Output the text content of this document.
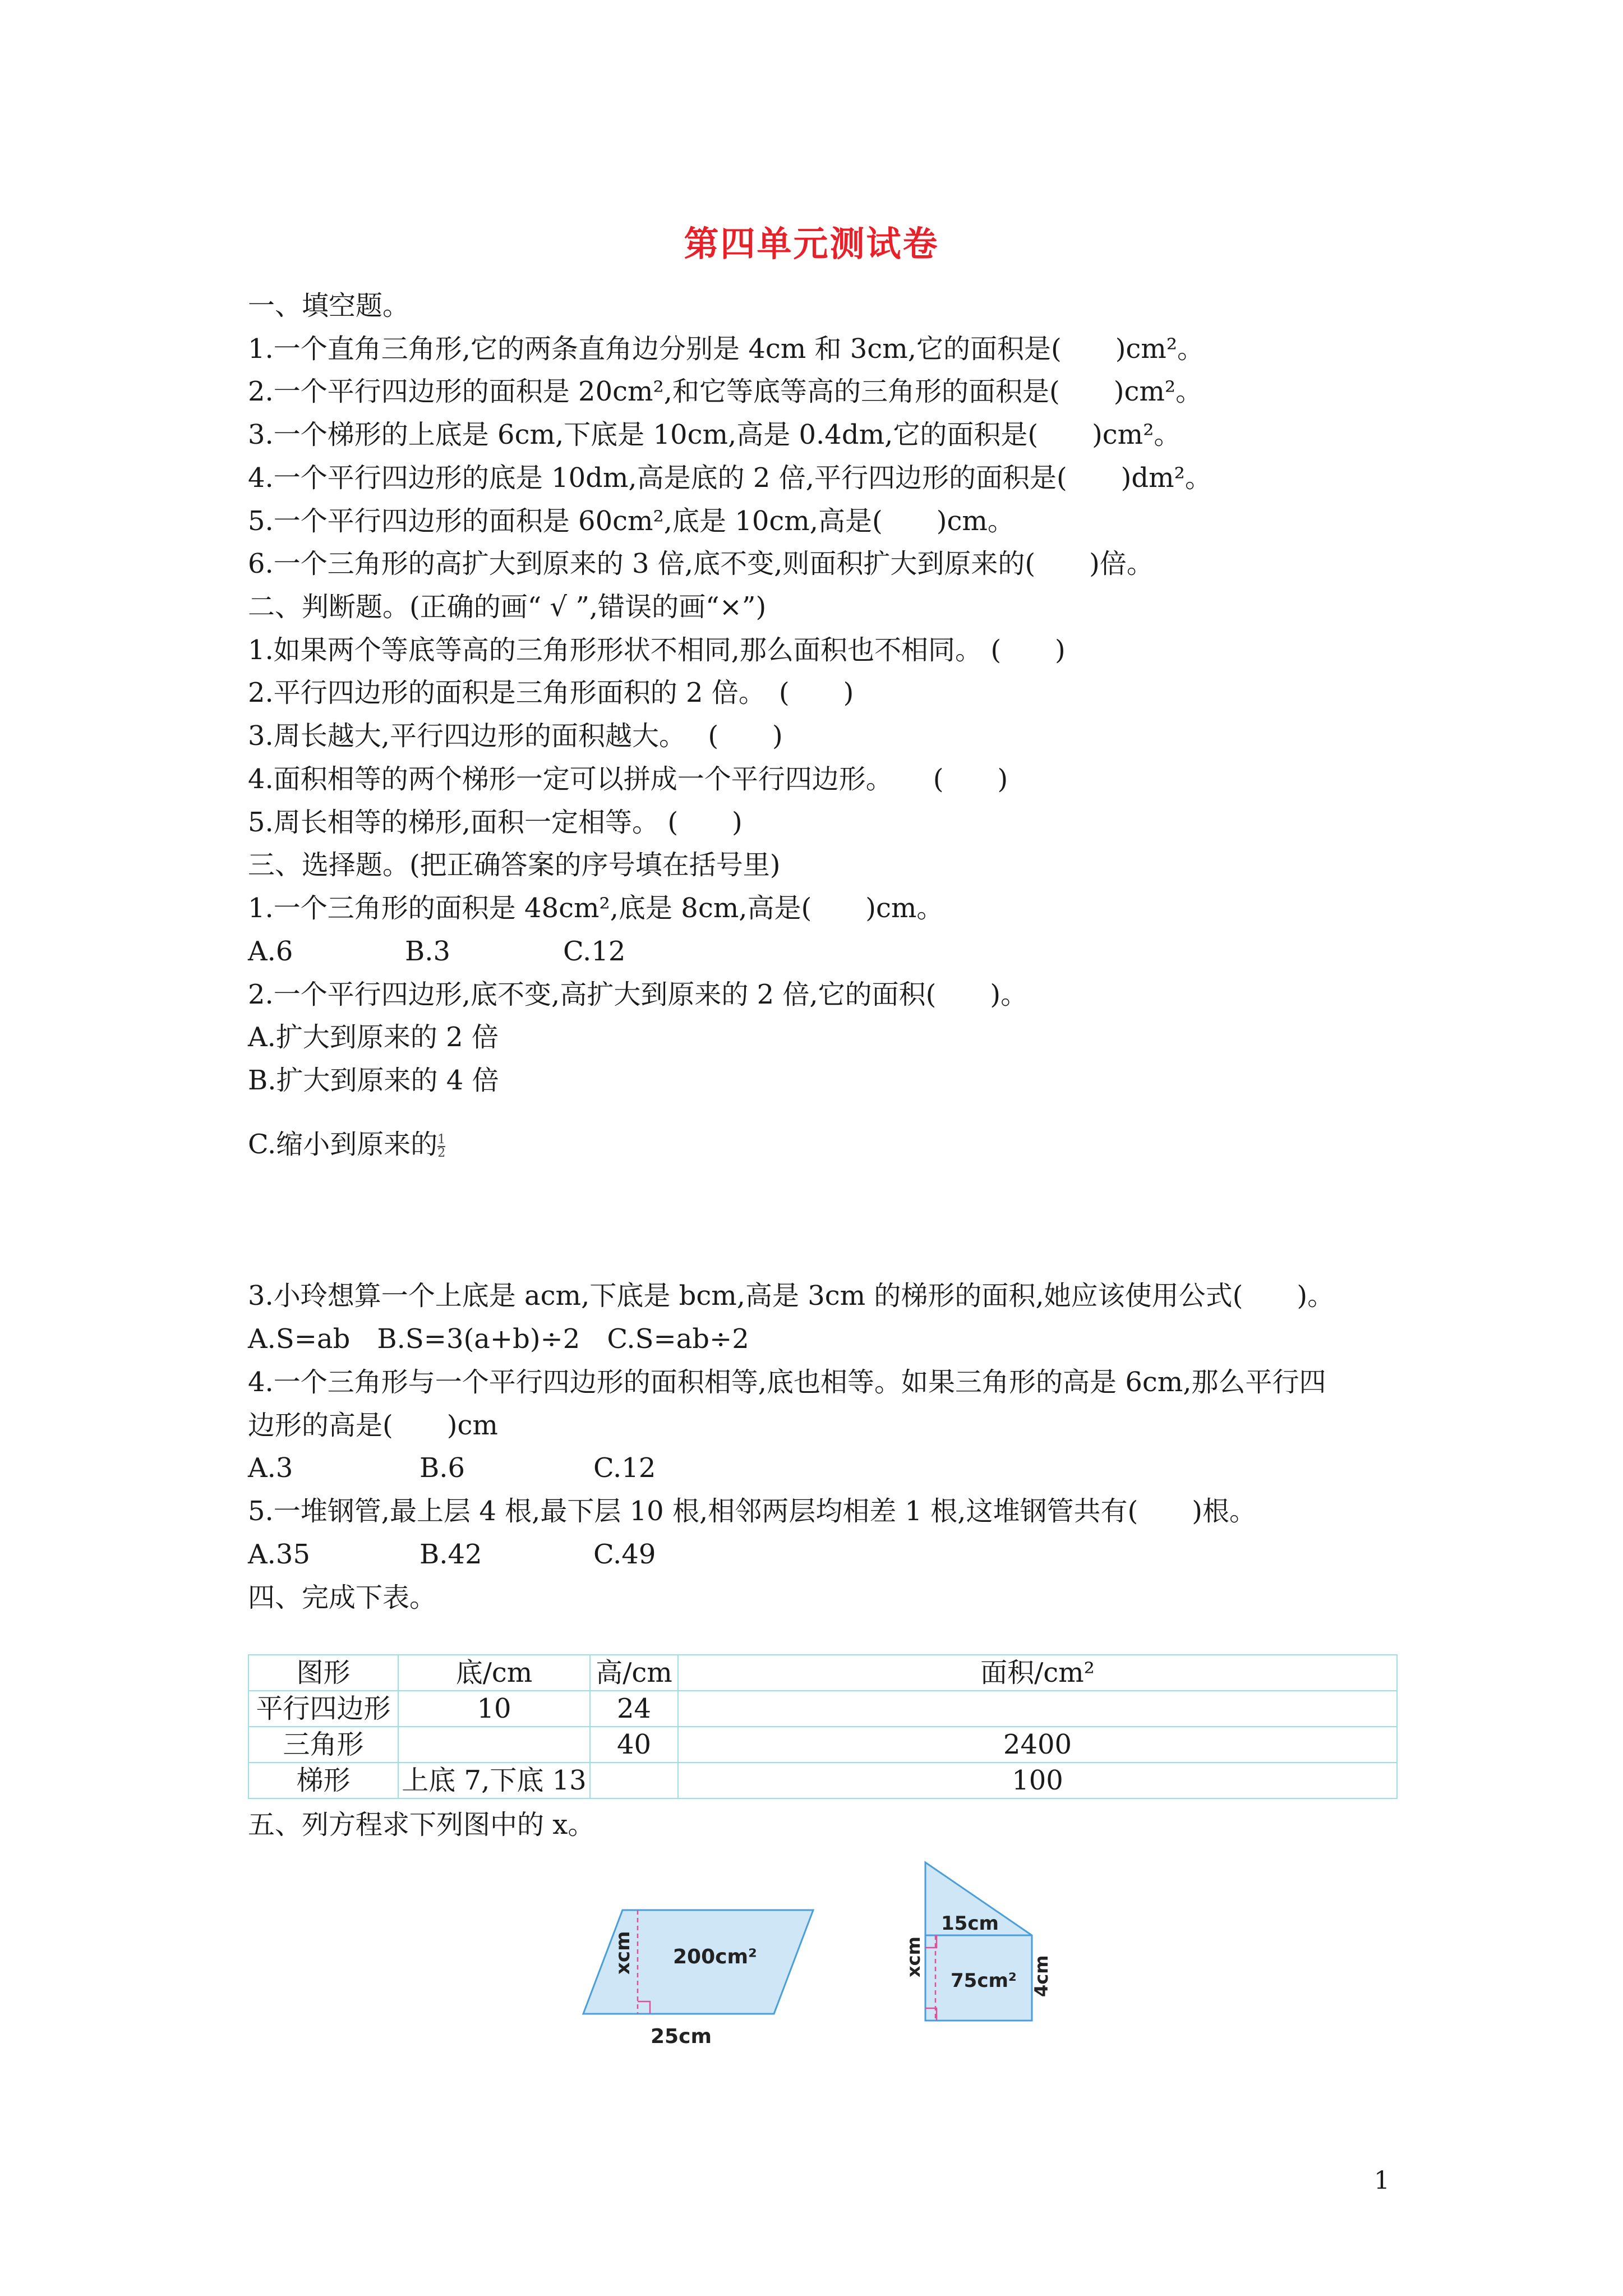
第四单元测试卷
一、填空题。
1.一个直角三角形,它的两条直角边分别是 4cm 和 3cm,它的面积是(　　)cm²。
2.一个平行四边形的面积是 20cm²,和它等底等高的三角形的面积是(　　)cm²。
3.一个梯形的上底是 6cm,下底是 10cm,高是 0.4dm,它的面积是(　　)cm²。
4.一个平行四边形的底是 10dm,高是底的 2 倍,平行四边形的面积是(　　)dm²。
5.一个平行四边形的面积是 60cm²,底是 10cm,高是(　　)cm。
6.一个三角形的高扩大到原来的 3 倍,底不变,则面积扩大到原来的(　　)倍。
二、判断题。(正确的画“ √ ”,错误的画“×”)
1.如果两个等底等高的三角形形状不相同,那么面积也不相同。 (　　)
2.平行四边形的面积是三角形面积的 2 倍。　(　　)
3.周长越大,平行四边形的面积越大。　 (　　)
4.面积相等的两个梯形一定可以拼成一个平行四边形。　　(　　)
5.周长相等的梯形,面积一定相等。 (　　)
三、选择题。(把正确答案的序号填在括号里)
1.一个三角形的面积是 48cm²,底是 8cm,高是(　　)cm。
A.6	B.3	C.12
2.一个平行四边形,底不变,高扩大到原来的 2 倍,它的面积(　　)。
A.扩大到原来的 2 倍
B.扩大到原来的 4 倍
C.缩小到原来的 $\frac{1}{2}$
3.小玲想算一个上底是 acm,下底是 bcm,高是 3cm 的梯形的面积,她应该使用公式(　　)。
A.S=ab　B.S=3(a+b)÷2　C.S=ab÷2
4.一个三角形与一个平行四边形的面积相等,底也相等。如果三角形的高是 6cm,那么平行四
边形的高是(　　)cm
A.3	B.6	C.12
5.一堆钢管,最上层 4 根,最下层 10 根,相邻两层均相差 1 根,这堆钢管共有(　　)根。
A.35	B.42	C.49
四、完成下表。
图形	底/cm	高/cm	面积/cm²
平行四边形	10	24	
三角形		40	2400
梯形	上底 7,下底 13		100
五、列方程求下列图中的 x。
200cm²
xcm
25cm
15cm
xcm
75cm² 4cm
1
